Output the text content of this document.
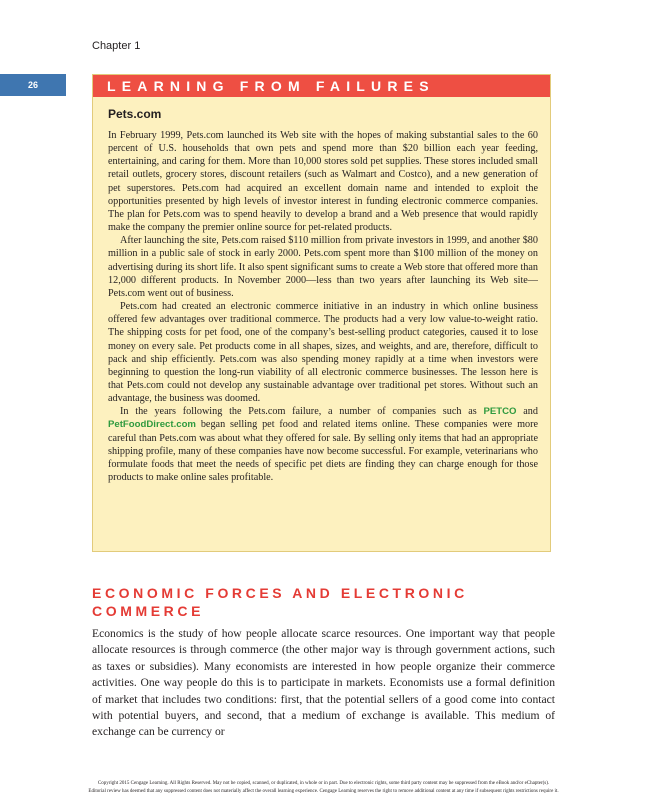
Chapter 1
26	LEARNING FROM FAILURES
Pets.com

In February 1999, Pets.com launched its Web site with the hopes of making substantial sales to the 60 percent of U.S. households that own pets and spend more than $20 billion each year feeding, entertaining, and caring for them. More than 10,000 stores sold pet supplies. These stores included small retail outlets, grocery stores, discount retailers (such as Walmart and Costco), and a new generation of pet superstores. Pets.com had acquired an excellent domain name and intended to exploit the opportunities presented by high levels of investor interest in funding electronic commerce companies. The plan for Pets.com was to spend heavily to develop a brand and a Web presence that would rapidly make the company the premier online source for pet-related products.

After launching the site, Pets.com raised $110 million from private investors in 1999, and another $80 million in a public sale of stock in early 2000. Pets.com spent more than $100 million of the money on advertising during its short life. It also spent significant sums to create a Web store that offered more than 12,000 different products. In November 2000—less than two years after launching its Web site—Pets.com went out of business.

Pets.com had created an electronic commerce initiative in an industry in which online business offered few advantages over traditional commerce. The products had a very low value-to-weight ratio. The shipping costs for pet food, one of the company’s best-selling product categories, caused it to lose money on every sale. Pet products come in all shapes, sizes, and weights, and are, therefore, difficult to pack and ship efficiently. Pets.com was also spending money rapidly at a time when investors were beginning to question the long-run viability of all electronic commerce businesses. The lesson here is that Pets.com could not develop any sustainable advantage over traditional pet stores. Without such an advantage, the business was doomed.

In the years following the Pets.com failure, a number of companies such as PETCO and PetFoodDirect.com began selling pet food and related items online. These companies were more careful than Pets.com was about what they offered for sale. By selling only items that had an appropriate shipping profile, many of these companies have now become successful. For example, veterinarians who formulate foods that meet the needs of specific pet diets are finding they can charge enough for those products to make online sales profitable.

ECONOMIC FORCES AND ELECTRONIC COMMERCE

Economics is the study of how people allocate scarce resources. One important way that people allocate resources is through commerce (the other major way is through government actions, such as taxes or subsidies). Many economists are interested in how people organize their commerce activities. One way people do this is to participate in markets. Economists use a formal definition of market that includes two conditions: first, that the potential sellers of a good come into contact with potential buyers, and second, that a medium of exchange is available. This medium of exchange can be currency or

Copyright 2015 Cengage Learning. All Rights Reserved. May not be copied, scanned, or duplicated, in whole or in part. Due to electronic rights, some third party content may be suppressed from the eBook and/or eChapter(s).
Editorial review has deemed that any suppressed content does not materially affect the overall learning experience. Cengage Learning reserves the right to remove additional content at any time if subsequent rights restrictions require it.
